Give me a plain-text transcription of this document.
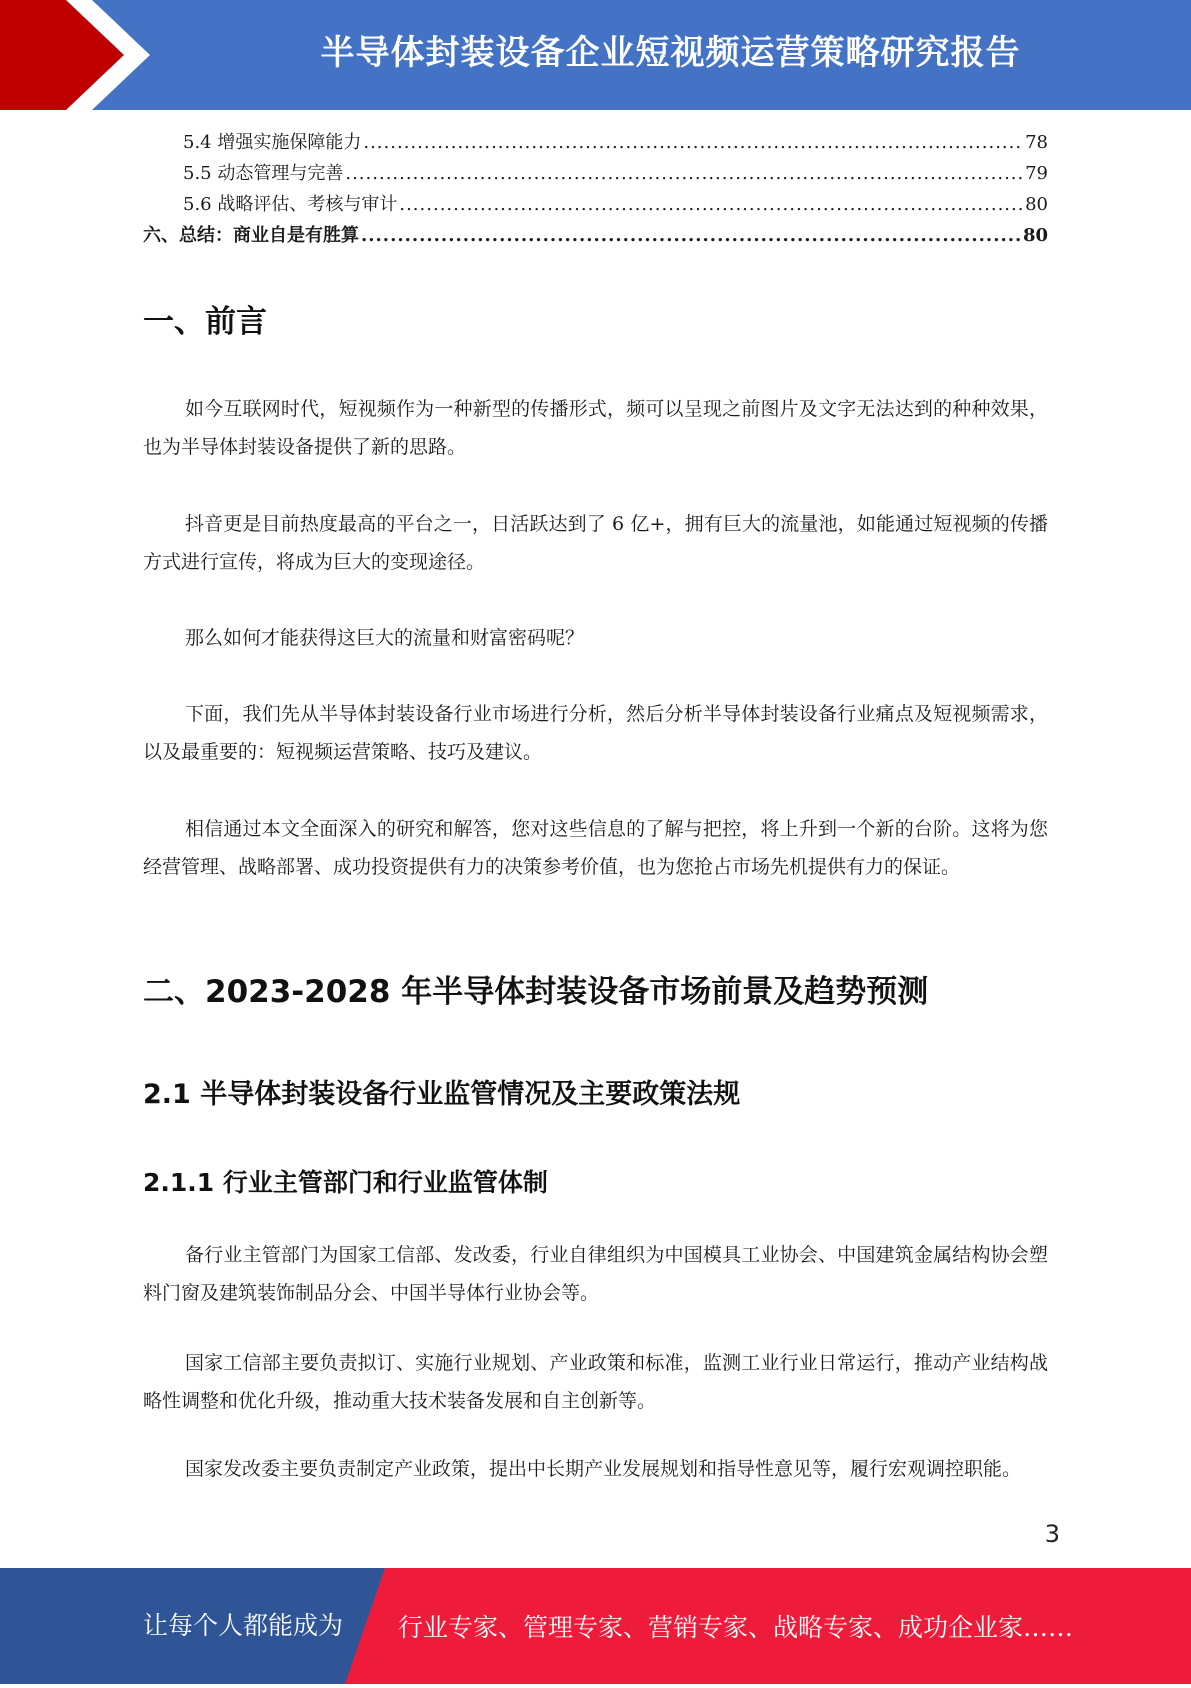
半导体封装设备企业短视频运营策略研究报告
5.4 增强实施保障能力 .....	78
5.5 动态管理与完善 .....	79
5.6 战略评估、考核与审计 .....	80
六、总结：商业自是有胜算 .....	80
一、前言

如今互联网时代，短视频作为一种新型的传播形式，频可以呈现之前图片及文字无法达到的种种效果，也为半导体封装设备提供了新的思路。

抖音更是目前热度最高的平台之一，日活跃达到了 6 亿+，拥有巨大的流量池，如能通过短视频的传播方式进行宣传，将成为巨大的变现途径。

那么如何才能获得这巨大的流量和财富密码呢？

下面，我们先从半导体封装设备行业市场进行分析，然后分析半导体封装设备行业痛点及短视频需求，以及最重要的：短视频运营策略、技巧及建议。

相信通过本文全面深入的研究和解答，您对这些信息的了解与把控，将上升到一个新的台阶。这将为您经营管理、战略部署、成功投资提供有力的决策参考价值，也为您抢占市场先机提供有力的保证。

二、2023-2028 年半导体封装设备市场前景及趋势预测
2.1 半导体封装设备行业监管情况及主要政策法规
2.1.1 行业主管部门和行业监管体制

备行业主管部门为国家工信部、发改委，行业自律组织为中国模具工业协会、中国建筑金属结构协会塑料门窗及建筑装饰制品分会、中国半导体行业协会等。

国家工信部主要负责拟订、实施行业规划、产业政策和标准，监测工业行业日常运行，推动产业结构战略性调整和优化升级，推动重大技术装备发展和自主创新等。

国家发改委主要负责制定产业政策，提出中长期产业发展规划和指导性意见等，履行宏观调控职能。

3
让每个人都能成为 行业专家、管理专家、营销专家、战略专家、成功企业家……
